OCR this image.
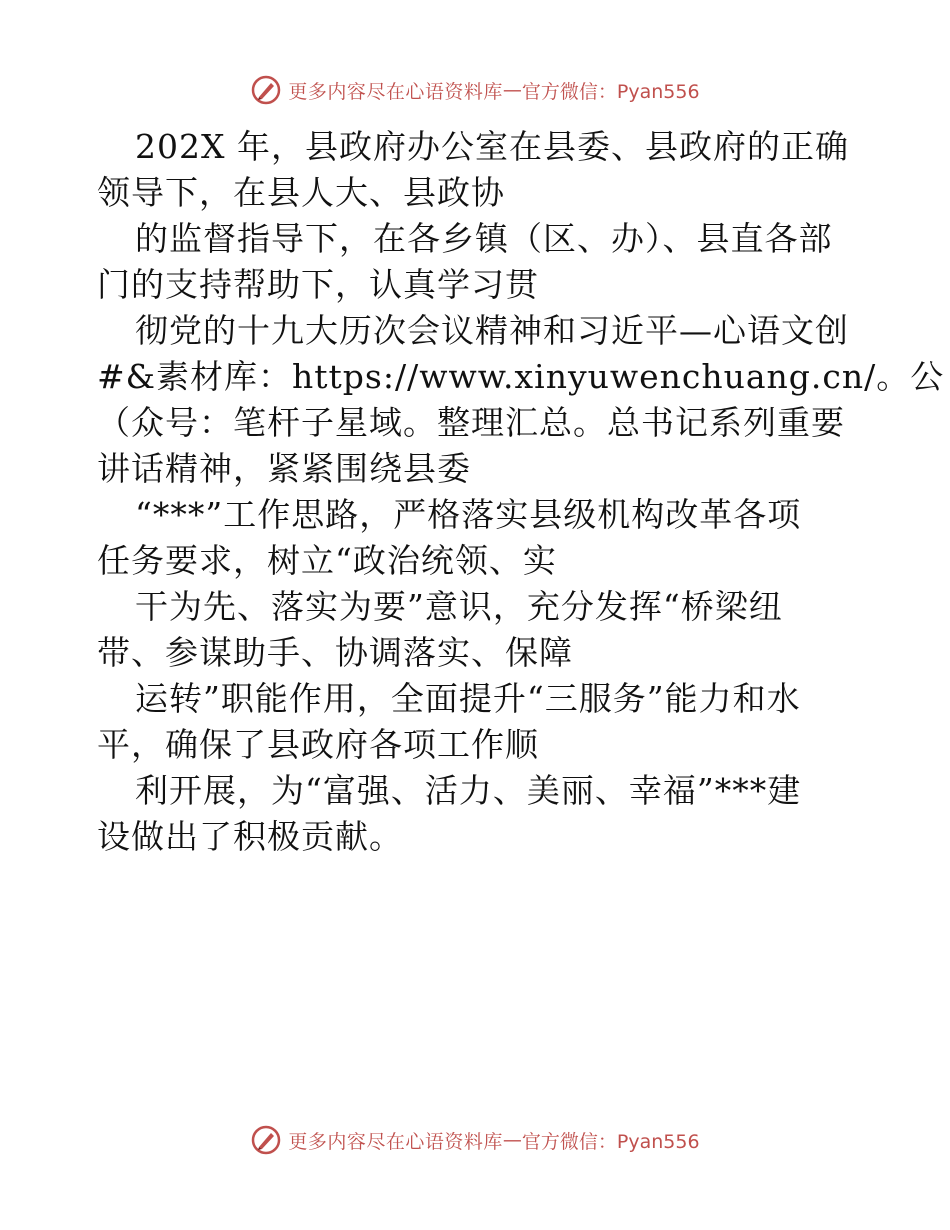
更多内容尽在心语资料库 — 官方微信：Pyan556
202X 年，县政府办公室在县委、县政府的正确
领导下，在县人大、县政协
的监督指导下，在各乡镇（区、办）、县直各部
门的支持帮助下，认真学习贯
彻党的十九大历次会议精神和习近平—心语文创
#&素材库：https://www.xinyuwenchuang.cn/。公
（众号：笔杆子星域。整理汇总。总书记系列重要
讲话精神，紧紧围绕县委
“***”工作思路，严格落实县级机构改革各项
任务要求，树立“政治统领、实
干为先、落实为要”意识，充分发挥“桥梁纽
带、参谋助手、协调落实、保障
运转”职能作用，全面提升“三服务”能力和水
平，确保了县政府各项工作顺
利开展，为“富强、活力、美丽、幸福”***建
设做出了积极贡献。
更多内容尽在心语资料库 — 官方微信：Pyan556
